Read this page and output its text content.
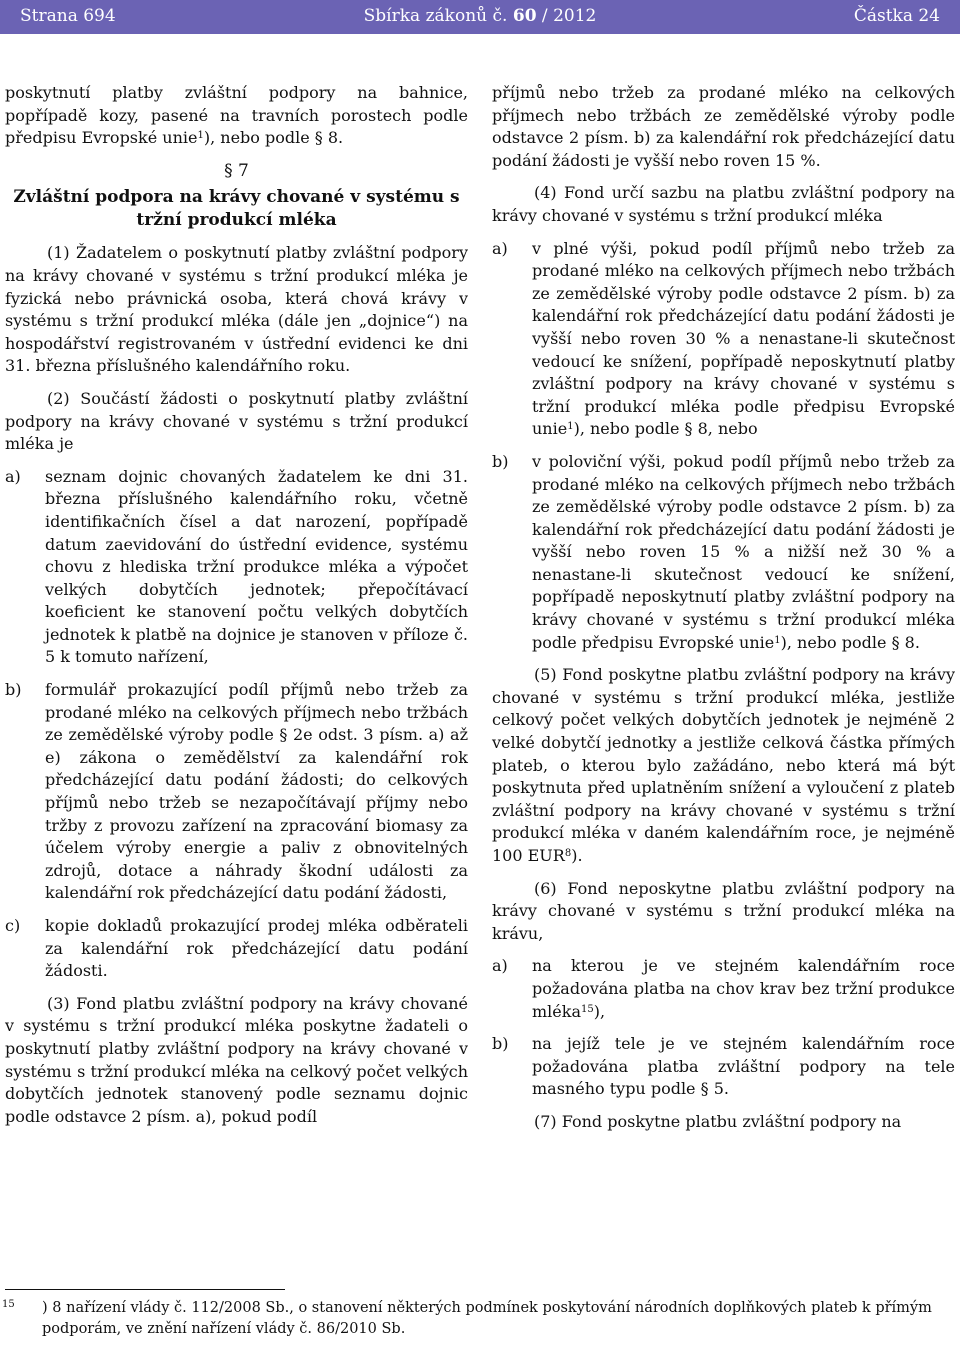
Strana 694	Sbírka zákonů č. 60 / 2012	Částka 24

poskytnutí platby zvláštní podpory na bahnice, popřípadě kozy, pasené na travních porostech podle předpisu Evropské unie$^1$), nebo podle § 8.

§ 7
Zvláštní podpora na krávy chované v systému s tržní produkcí mléka

(1) Žadatelem o poskytnutí platby zvláštní podpory na krávy chované v systému s tržní produkcí mléka je fyzická nebo právnická osoba, která chová krávy v systému s tržní produkcí mléka (dále jen „dojnice“) na hospodářství registrovaném v ústřední evidenci ke dni 31. března příslušného kalendářního roku.

(2) Součástí žádosti o poskytnutí platby zvláštní podpory na krávy chované v systému s tržní produkcí mléka je

a)	seznam dojnic chovaných žadatelem ke dni 31. března příslušného kalendářního roku, včetně identifikačních čísel a dat narození, popřípadě datum zaevidování do ústřední evidence, systému chovu z hlediska tržní produkce mléka a výpočet velkých dobytčích jednotek; přepočítávací koeficient ke stanovení počtu velkých dobytčích jednotek k platbě na dojnice je stanoven v příloze č. 5 k tomuto nařízení,
b)	formulář prokazující podíl příjmů nebo tržeb za prodané mléko na celkových příjmech nebo tržbách ze zemědělské výroby podle § 2e odst. 3 písm. a) až e) zákona o zemědělství za kalendářní rok předcházející datu podání žádosti; do celkových příjmů nebo tržeb se nezapočítávají příjmy nebo tržby z provozu zařízení na zpracování biomasy za účelem výroby energie a paliv z obnovitelných zdrojů, dotace a náhrady škodní události za kalendářní rok předcházející datu podání žádosti,
c)	kopie dokladů prokazující prodej mléka odběrateli za kalendářní rok předcházející datu podání žádosti.

(3) Fond platbu zvláštní podpory na krávy chované v systému s tržní produkcí mléka poskytne žadateli o poskytnutí platby zvláštní podpory na krávy chované v systému s tržní produkcí mléka na celkový počet velkých dobytčích jednotek stanovený podle seznamu dojnic podle odstavce 2 písm. a), pokud podíl

příjmů nebo tržeb za prodané mléko na celkových příjmech nebo tržbách ze zemědělské výroby podle odstavce 2 písm. b) za kalendářní rok předcházející datu podání žádosti je vyšší nebo roven 15 %.

(4) Fond určí sazbu na platbu zvláštní podpory na krávy chované v systému s tržní produkcí mléka

a)	v plné výši, pokud podíl příjmů nebo tržeb za prodané mléko na celkových příjmech nebo tržbách ze zemědělské výroby podle odstavce 2 písm. b) za kalendářní rok předcházející datu podání žádosti je vyšší nebo roven 30 % a nenastane-li skutečnost vedoucí ke snížení, popřípadě neposkytnutí platby zvláštní podpory na krávy chované v systému s tržní produkcí mléka podle předpisu Evropské unie$^1$), nebo podle § 8, nebo
b)	v poloviční výši, pokud podíl příjmů nebo tržeb za prodané mléko na celkových příjmech nebo tržbách ze zemědělské výroby podle odstavce 2 písm. b) za kalendářní rok předcházející datu podání žádosti je vyšší nebo roven 15 % a nižší než 30 % a nenastane-li skutečnost vedoucí ke snížení, popřípadě neposkytnutí platby zvláštní podpory na krávy chované v systému s tržní produkcí mléka podle předpisu Evropské unie$^1$), nebo podle § 8.

(5) Fond poskytne platbu zvláštní podpory na krávy chované v systému s tržní produkcí mléka, jestliže celkový počet velkých dobytčích jednotek je nejméně 2 velké dobytčí jednotky a jestliže celková částka přímých plateb, o kterou bylo zažádáno, nebo která má být poskytnuta před uplatněním snížení a vyloučení z plateb zvláštní podpory na krávy chované v systému s tržní produkcí mléka v daném kalendářním roce, je nejméně 100 EUR$^8$).

(6) Fond neposkytne platbu zvláštní podpory na krávy chované v systému s tržní produkcí mléka na krávu,

a)	na kterou je ve stejném kalendářním roce požadována platba na chov krav bez tržní produkce mléka$^{15}$),
b)	na jejíž tele je ve stejném kalendářním roce požadována platba zvláštní podpory na tele masného typu podle § 5.

(7) Fond poskytne platbu zvláštní podpory na

$^{15}$ ) 8 nařízení vlády č. 112/2008 Sb., o stanovení některých podmínek poskytování národních doplňkových plateb k přímým podporám, ve znění nařízení vlády č. 86/2010 Sb.
